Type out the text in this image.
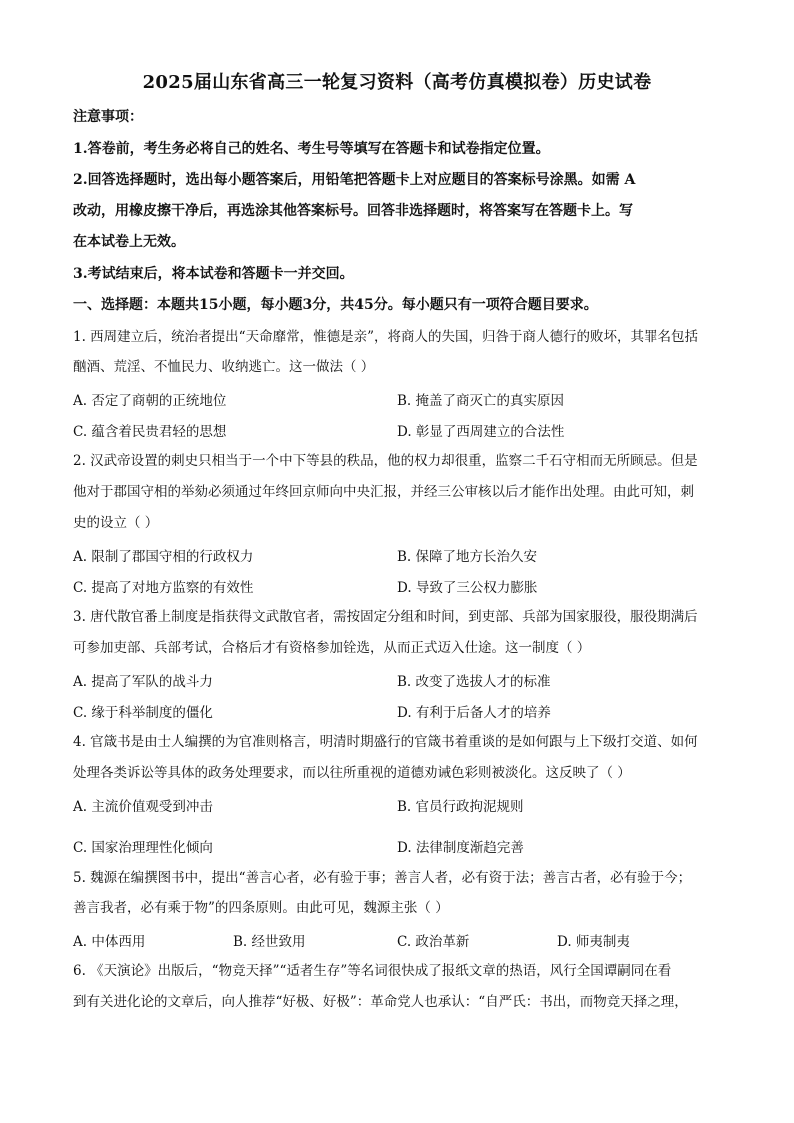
2025届山东省高三一轮复习资料（高考仿真模拟卷）历史试卷
注意事项：
1.答卷前，考生务必将自己的姓名、考生号等填写在答题卡和试卷指定位置。
2.回答选择题时，选出每小题答案后，用铅笔把答题卡上对应题目的答案标号涂黑。如需 A
改动，用橡皮擦干净后，再选涂其他答案标号。回答非选择题时，将答案写在答题卡上。写
在本试卷上无效。
3.考试结束后，将本试卷和答题卡一并交回。
一、选择题：本题共15小题，每小题3分，共45分。每小题只有一项符合题目要求。
1. 西周建立后，统治者提出“天命靡常，惟德是亲”，将商人的失国，归咎于商人德行的败坏，其罪名包括
酗酒、荒淫、不恤民力、收纳逃亡。这一做法（ ）
A. 否定了商朝的正统地位	B. 掩盖了商灭亡的真实原因
C. 蕴含着民贵君轻的思想	D. 彰显了西周建立的合法性
2. 汉武帝设置的刺史只相当于一个中下等县的秩品，他的权力却很重，监察二千石守相而无所顾忌。但是
他对于郡国守相的举劾必须通过年终回京师向中央汇报，并经三公审核以后才能作出处理。由此可知，刺
史的设立（ ）
A. 限制了郡国守相的行政权力	B. 保障了地方长治久安
C. 提高了对地方监察的有效性	D. 导致了三公权力膨胀
3. 唐代散官番上制度是指获得文武散官者，需按固定分组和时间，到吏部、兵部为国家服役，服役期满后
可参加吏部、兵部考试，合格后才有资格参加铨选，从而正式迈入仕途。这一制度（ ）
A. 提高了军队的战斗力	B. 改变了选拔人才的标准
C. 缘于科举制度的僵化	D. 有利于后备人才的培养
4. 官箴书是由士人编撰的为官准则格言，明清时期盛行的官箴书着重谈的是如何跟与上下级打交道、如何
处理各类诉讼等具体的政务处理要求，而以往所重视的道德劝诫色彩则被淡化。这反映了（ ）
A. 主流价值观受到冲击	B. 官员行政拘泥规则
C. 国家治理理性化倾向	D. 法律制度渐趋完善
5. 魏源在编撰图书中，提出“善言心者，必有验于事；善言人者，必有资于法；善言古者，必有验于今；
善言我者，必有乘于物”的四条原则。由此可见，魏源主张（ ）
A. 中体西用	B. 经世致用	C. 政治革新	D. 师夷制夷
6. 《天演论》出版后，“物竞天择”“适者生存”等名词很快成了报纸文章的热语，风行全国谭嗣同在看
到有关进化论的文章后，向人推荐“好极、好极”：革命党人也承认：“自严氏：书出，而物竞天择之理，
